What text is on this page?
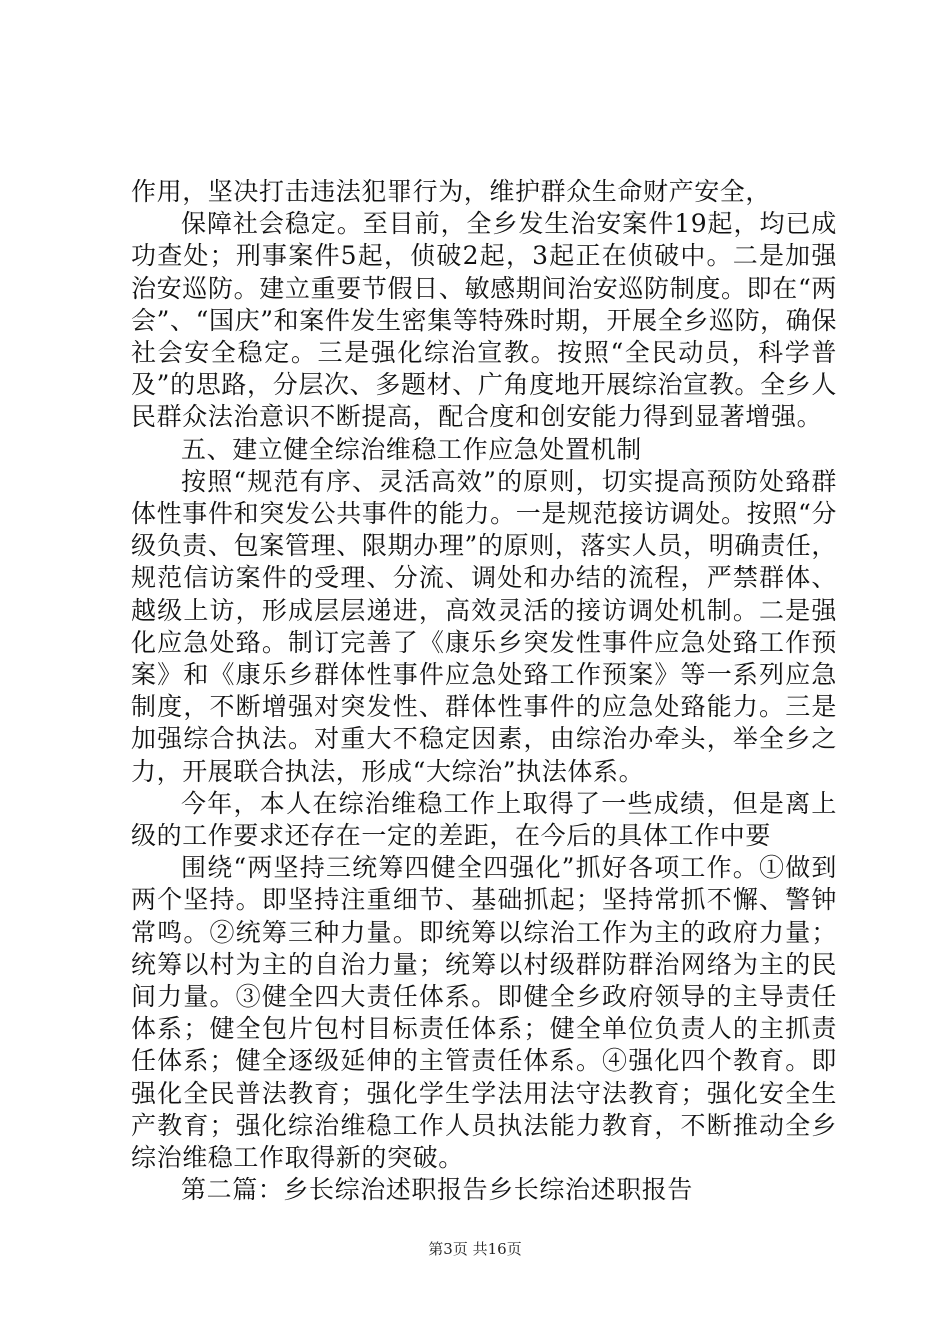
作用，坚决打击违法犯罪行为，维护群众生命财产安全，

保障社会稳定。至目前，全乡发生治安案件19起，均已成功查处；刑事案件5起，侦破2起，3起正在侦破中。二是加强治安巡防。建立重要节假日、敏感期间治安巡防制度。即在“两会”、“国庆”和案件发生密集等特殊时期，开展全乡巡防，确保社会安全稳定。三是强化综治宣教。按照“全民动员，科学普及”的思路，分层次、多题材、广角度地开展综治宣教。全乡人民群众法治意识不断提高，配合度和创安能力得到显著增强。

五、建立健全综治维稳工作应急处置机制

按照“规范有序、灵活高效”的原则，切实提高预防处臵群体性事件和突发公共事件的能力。一是规范接访调处。按照“分级负责、包案管理、限期办理”的原则，落实人员，明确责任，规范信访案件的受理、分流、调处和办结的流程，严禁群体、越级上访，形成层层递进，高效灵活的接访调处机制。二是强化应急处臵。制订完善了《康乐乡突发性事件应急处臵工作预案》和《康乐乡群体性事件应急处臵工作预案》等一系列应急制度，不断增强对突发性、群体性事件的应急处臵能力。三是加强综合执法。对重大不稳定因素，由综治办牵头，举全乡之力，开展联合执法，形成“大综治”执法体系。

今年，本人在综治维稳工作上取得了一些成绩，但是离上级的工作要求还存在一定的差距，在今后的具体工作中要

围绕“两坚持三统筹四健全四强化”抓好各项工作。①做到两个坚持。即坚持注重细节、基础抓起；坚持常抓不懈、警钟常鸣。②统筹三种力量。即统筹以综治工作为主的政府力量；统筹以村为主的自治力量；统筹以村级群防群治网络为主的民间力量。③健全四大责任体系。即健全乡政府领导的主导责任体系；健全包片包村目标责任体系；健全单位负责人的主抓责任体系；健全逐级延伸的主管责任体系。④强化四个教育。即强化全民普法教育；强化学生学法用法守法教育；强化安全生产教育；强化综治维稳工作人员执法能力教育，不断推动全乡综治维稳工作取得新的突破。

第二篇：乡长综治述职报告乡长综治述职报告

第3页 共16页
